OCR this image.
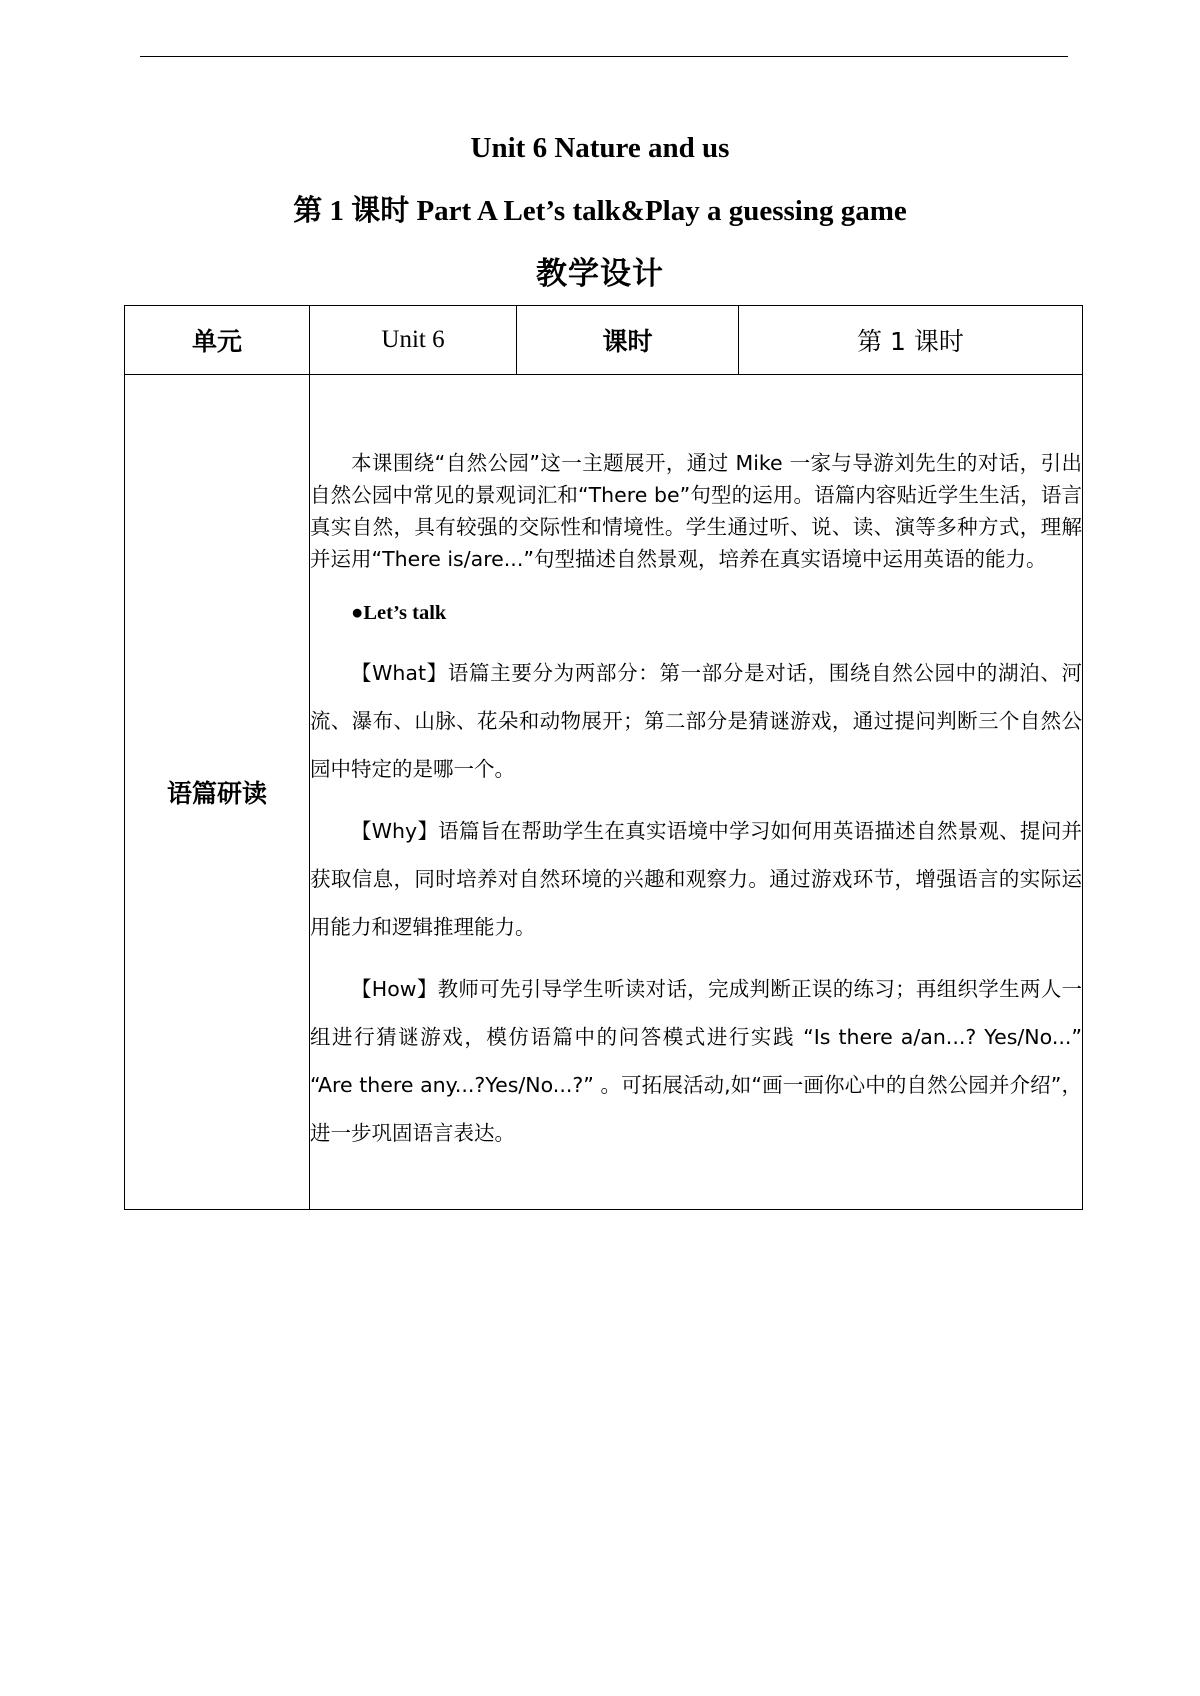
Unit 6 Nature and us
第 1 课时 Part A Let’s talk&Play a guessing game
教学设计
单元	Unit 6	课时	第 1 课时
语篇研读	本课围绕“自然公园”这一主题展开，通过 Mike 一家与导游刘先生的对话，引出自然公园中常见的景观词汇和“There be”句型的运用。语篇内容贴近学生生活，语言真实自然，具有较强的交际性和情境性。学生通过听、说、读、演等多种方式，理解并运用“There is/are...”句型描述自然景观，培养在真实语境中运用英语的能力。

●Let’s talk

【What】语篇主要分为两部分：第一部分是对话，围绕自然公园中的湖泊、河流、瀑布、山脉、花朵和动物展开；第二部分是猜谜游戏，通过提问判断三个自然公园中特定的是哪一个。

【Why】语篇旨在帮助学生在真实语境中学习如何用英语描述自然景观、提问并获取信息，同时培养对自然环境的兴趣和观察力。通过游戏环节，增强语言的实际运用能力和逻辑推理能力。

【How】教师可先引导学生听读对话，完成判断正误的练习；再组织学生两人一组进行猜谜游戏，模仿语篇中的问答模式进行实践 “Is there a/an...? Yes/No...” “Are there any...?Yes/No...?” 。可拓展活动,如“画一画你心中的自然公园并介绍”，进一步巩固语言表达。		
